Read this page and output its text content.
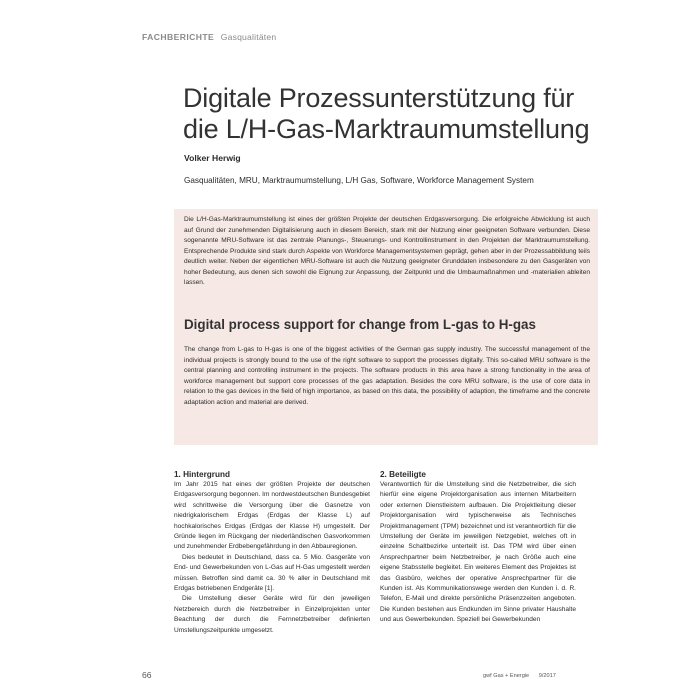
FACHBERICHTE Gasqualitäten
Digitale Prozessunterstützung für die L/H-Gas-Marktraumumstellung
Volker Herwig
Gasqualitäten, MRU, Marktraumumstellung, L/H Gas, Software, Workforce Management System

Die L/H-Gas-Marktraumumstellung ist eines der größten Projekte der deutschen Erdgasversorgung. Die erfolgreiche Abwicklung ist auch auf Grund der zunehmenden Digitalisierung auch in diesem Bereich, stark mit der Nutzung einer geeigneten Software verbunden. Diese sogenannte MRU-Software ist das zentrale Planungs-, Steuerungs- und Kontrollinstrument in den Projekten der Marktraumumstellung. Entsprechende Produkte sind stark durch Aspekte von Workforce Managementsystemen geprägt, gehen aber in der Prozessabbildung teils deutlich weiter. Neben der eigentlichen MRU-Software ist auch die Nutzung geeigneter Grunddaten insbesondere zu den Gasgeräten von hoher Bedeutung, aus denen sich sowohl die Eignung zur Anpassung, der Zeitpunkt und die Umbaumaßnahmen und -materialien ableiten lassen.

Digital process support for change from L-gas to H-gas

The change from L-gas to H-gas is one of the biggest activities of the German gas supply industry. The successful management of the individual projects is strongly bound to the use of the right software to support the processes digitally. This so-called MRU software is the central planning and controlling instrument in the projects. The software products in this area have a strong functionality in the area of workforce management but support core processes of the gas adaptation. Besides the core MRU software, is the use of core data in relation to the gas devices in the field of high importance, as based on this data, the possibility of adaption, the timeframe and the concrete adaptation action and material are derived.

1. Hintergrund

Im Jahr 2015 hat eines der größten Projekte der deutschen Erdgasversorgung begonnen. Im nordwestdeutschen Bundesgebiet wird schrittweise die Versorgung über die Gasnetze von niedrigkalorischem Erdgas (Erdgas der Klasse L) auf hochkalorisches Erdgas (Erdgas der Klasse H) umgestellt. Der Gründe liegen im Rückgang der niederländischen Gasvorkommen und zunehmender Erdbebengefährdung in den Abbauregionen.

Dies bedeutet in Deutschland, dass ca. 5 Mio. Gasgeräte von End- und Gewerbekunden von L-Gas auf H-Gas umgestellt werden müssen. Betroffen sind damit ca. 30 % aller in Deutschland mit Erdgas betriebenen Endgeräte [1].

Die Umstellung dieser Geräte wird für den jeweiligen Netzbereich durch die Netzbetreiber in Einzelprojekten unter Beachtung der durch die Fernnetzbetreiber definierten Umstellungszeitpunkte umgesetzt.

2. Beteiligte

Verantwortlich für die Umstellung sind die Netzbetreiber, die sich hierfür eine eigene Projektorganisation aus internen Mitarbeitern oder externen Dienstleistern aufbauen. Die Projektleitung dieser Projektorganisation wird typischerweise als Technisches Projektmanagement (TPM) bezeichnet und ist verantwortlich für die Umstellung der Geräte im jeweiligen Netzgebiet, welches oft in einzelne Schaltbezirke unterteilt ist. Das TPM wird über einen Ansprechpartner beim Netzbetreiber, je nach Größe auch eine eigene Stabsstelle begleitet. Ein weiteres Element des Projektes ist das Gasbüro, welches der operative Ansprechpartner für die Kunden ist. Als Kommunikationswege werden den Kunden i. d. R. Telefon, E-Mail und direkte persönliche Präsenzzeiten angeboten. Die Kunden bestehen aus Endkunden im Sinne privater Haushalte und aus Gewerbekunden. Speziell bei Gewerbekunden

66	gwf Gas + Energie 9/2017
